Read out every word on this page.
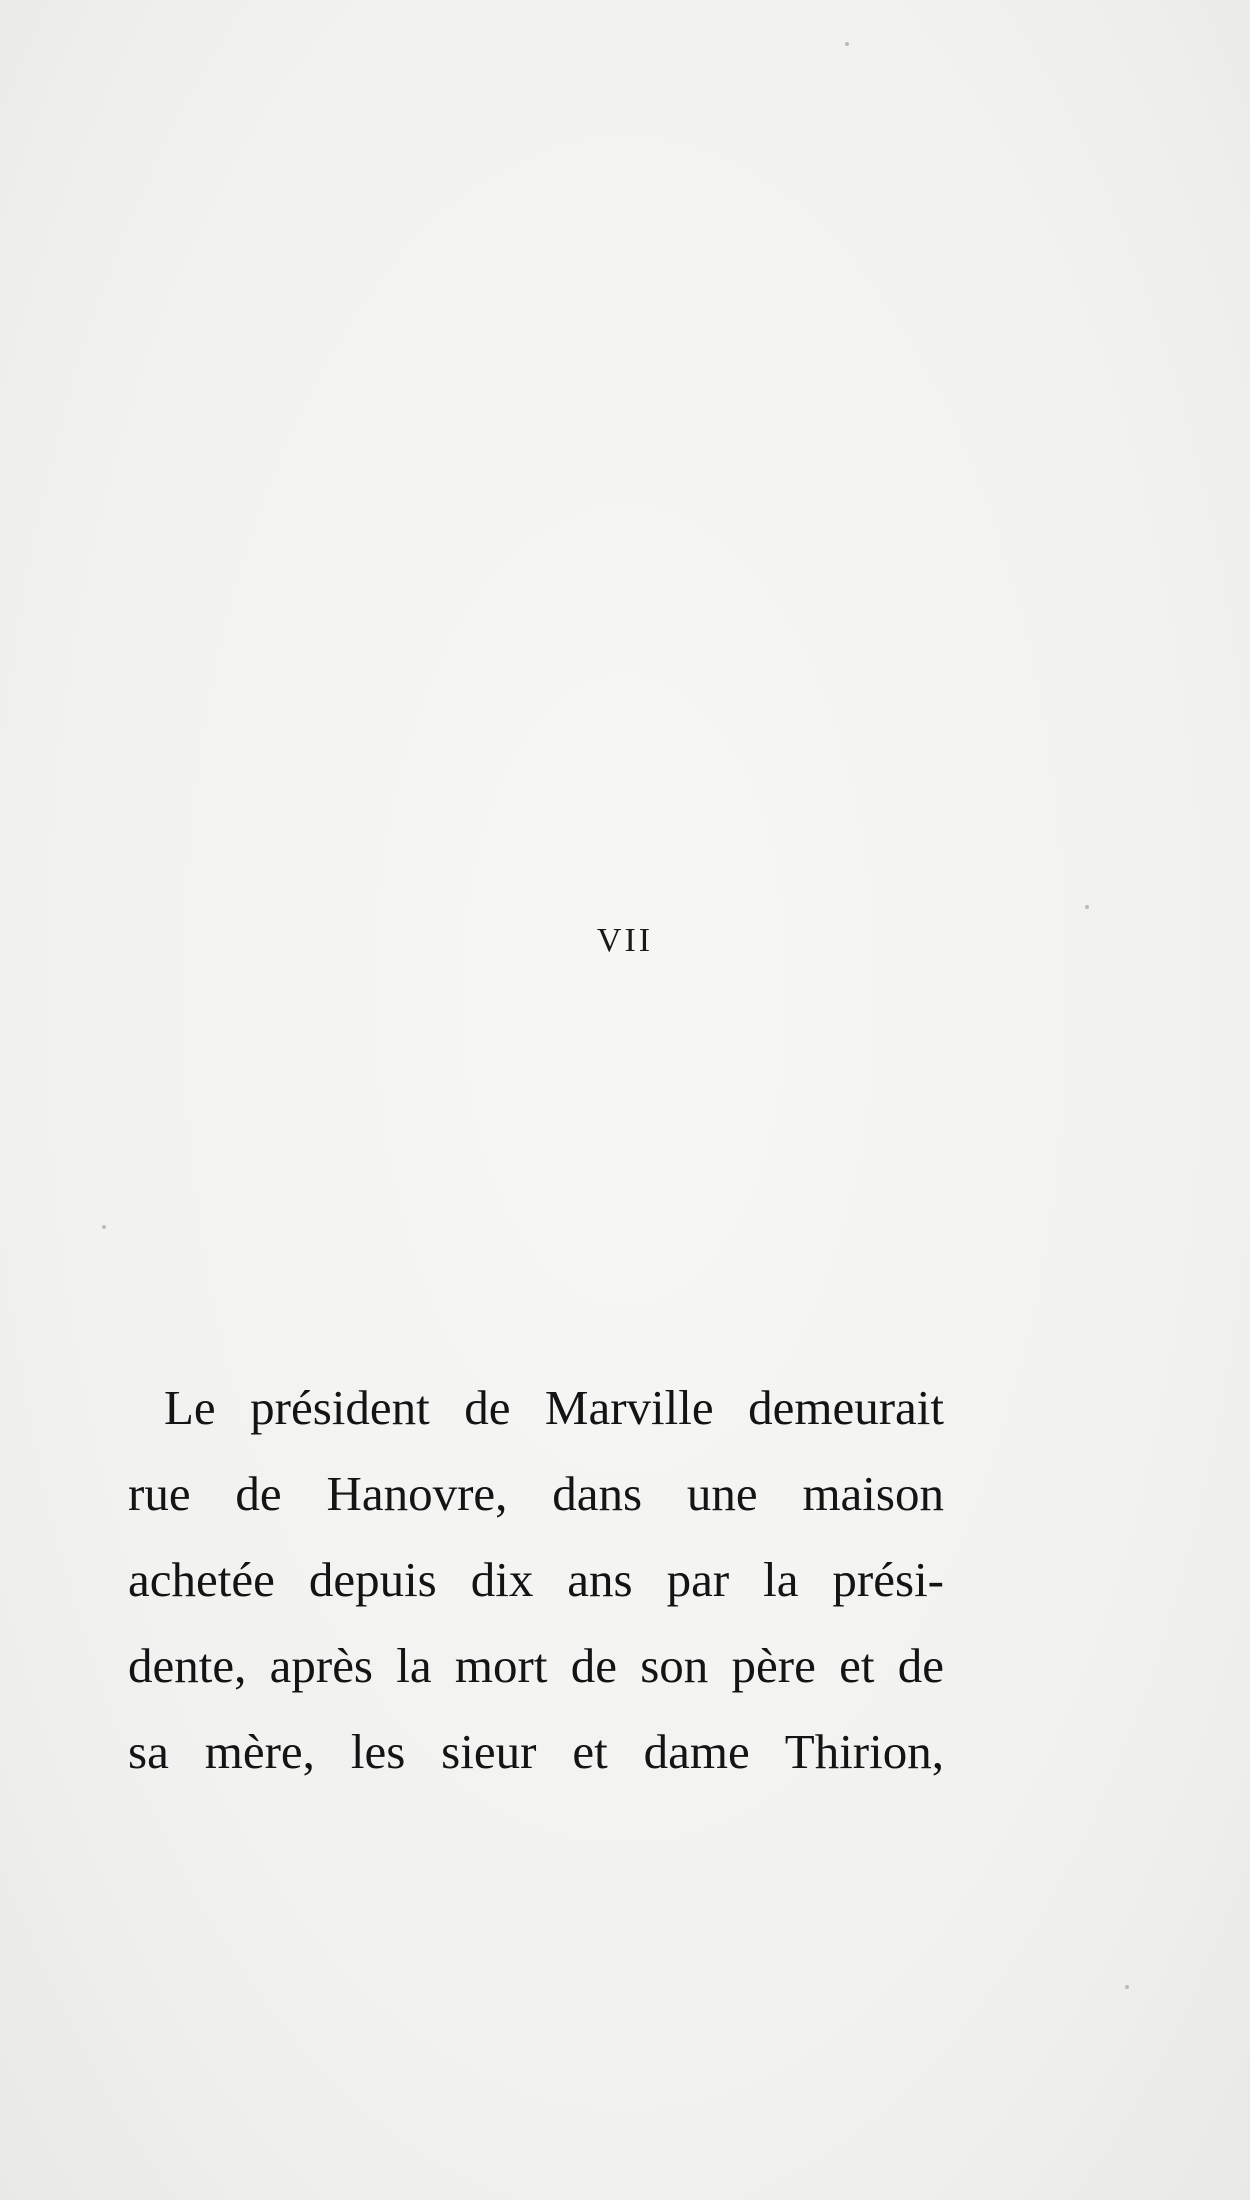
VII
Le président de Marville demeurait
rue de Hanovre, dans une maison
achetée depuis dix ans par la prési-
dente, après la mort de son père et de
sa mère, les sieur et dame Thirion,
